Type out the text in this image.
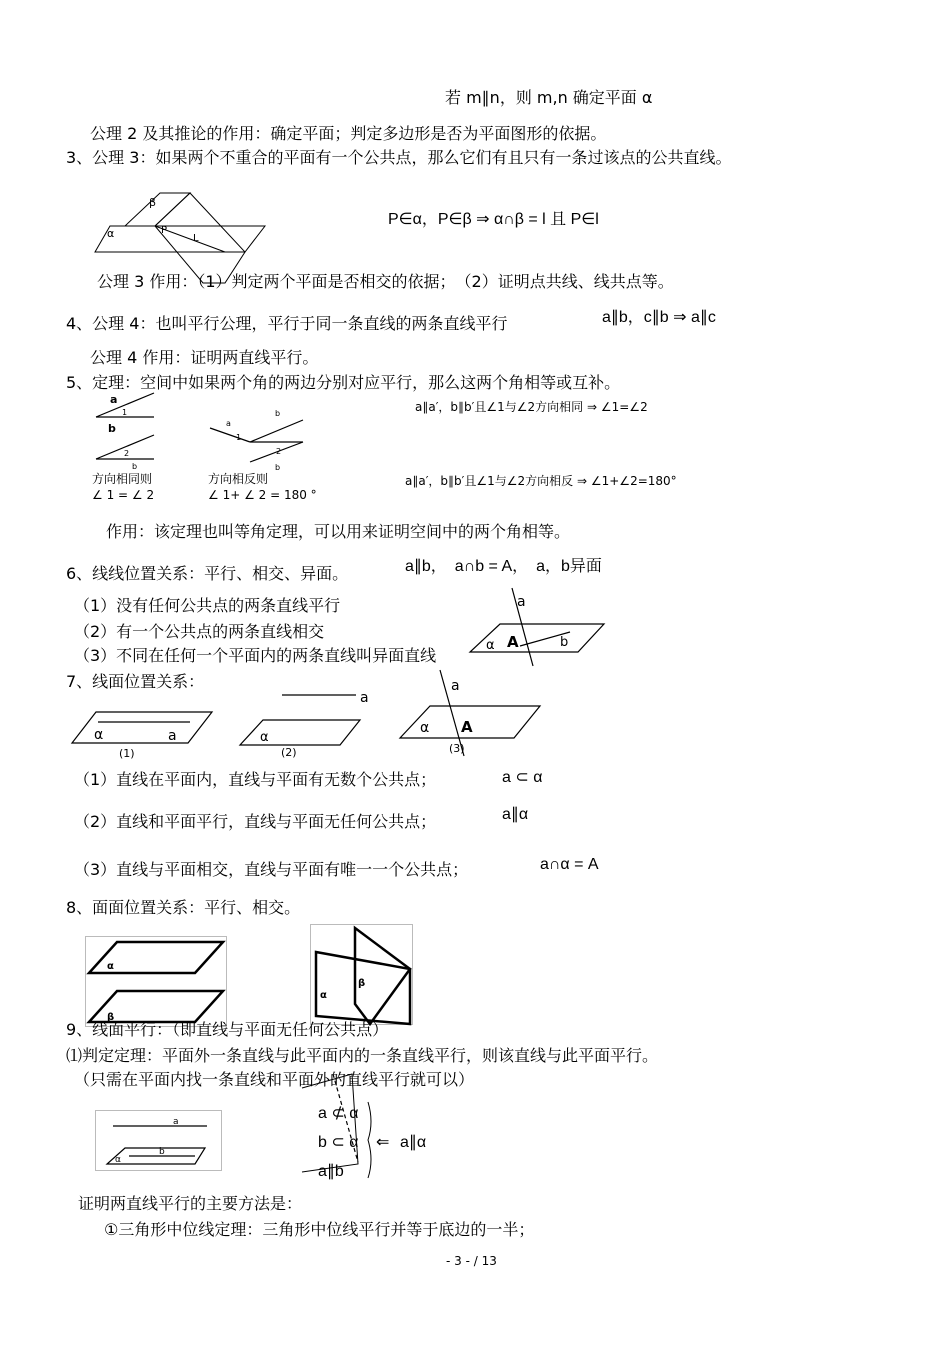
若 m∥n，则 m,n 确定平面 α
公理 2 及其推论的作用：确定平面；判定多边形是否为平面图形的依据。
3、公理 3：如果两个不重合的平面有一个公共点，那么它们有且只有一条过该点的公共直线。
β
α	P
L
P∈α，P∈β ⇒ α∩β = l 且 P∈l
公理 3 作用：（1）判定两个平面是否相交的依据；　（2）证明点共线、线共点等。
4、公理 4：也叫平行公理，平行于同一条直线的两条直线平行	a∥b，c∥b ⇒ a∥c
公理 4 作用：证明两直线平行。
5、定理：空间中如果两个角的两边分别对应平行，那么这两个角相等或互补。
a
b
1
2
b
方向相同则
∠ 1 = ∠ 2
b
a
1
2
b
方向相反则
∠ 1+ ∠ 2 = 180 °
a∥a′，b∥b′且∠1与∠2方向相同 ⇒ ∠1=∠2
a∥a′，b∥b′且∠1与∠2方向相反 ⇒ ∠1+∠2=180°
作用：该定理也叫等角定理，可以用来证明空间中的两个角相等。
6、线线位置关系：平行、相交、异面。	a∥b，　a∩b = A，　a，b异面
（1）没有任何公共点的两条直线平行
（2）有一个公共点的两条直线相交
（3）不同在任何一个平面内的两条直线叫异面直线
a
α A	b
7、线面位置关系：
α	a
(1)
a
α
(2)
a
α A
(3)
（1）直线在平面内，直线与平面有无数个公共点；	a ⊂ α
（2）直线和平面平行，直线与平面无任何公共点；	a∥α
（3）直线与平面相交，直线与平面有唯一一个公共点；	a∩α = A
8、面面位置关系：平行、相交。
α
β
β
α
9、线面平行：（即直线与平面无任何公共点）
⑴判定定理：平面外一条直线与此平面内的一条直线平行，则该直线与此平面平行。
（只需在平面内找一条直线和平面外的直线平行就可以）
a
b
α
a ⊄ α
b ⊂ α
a∥b
⇐ a∥α
证明两直线平行的主要方法是：
①三角形中位线定理：三角形中位线平行并等于底边的一半；
- 3 - / 13
